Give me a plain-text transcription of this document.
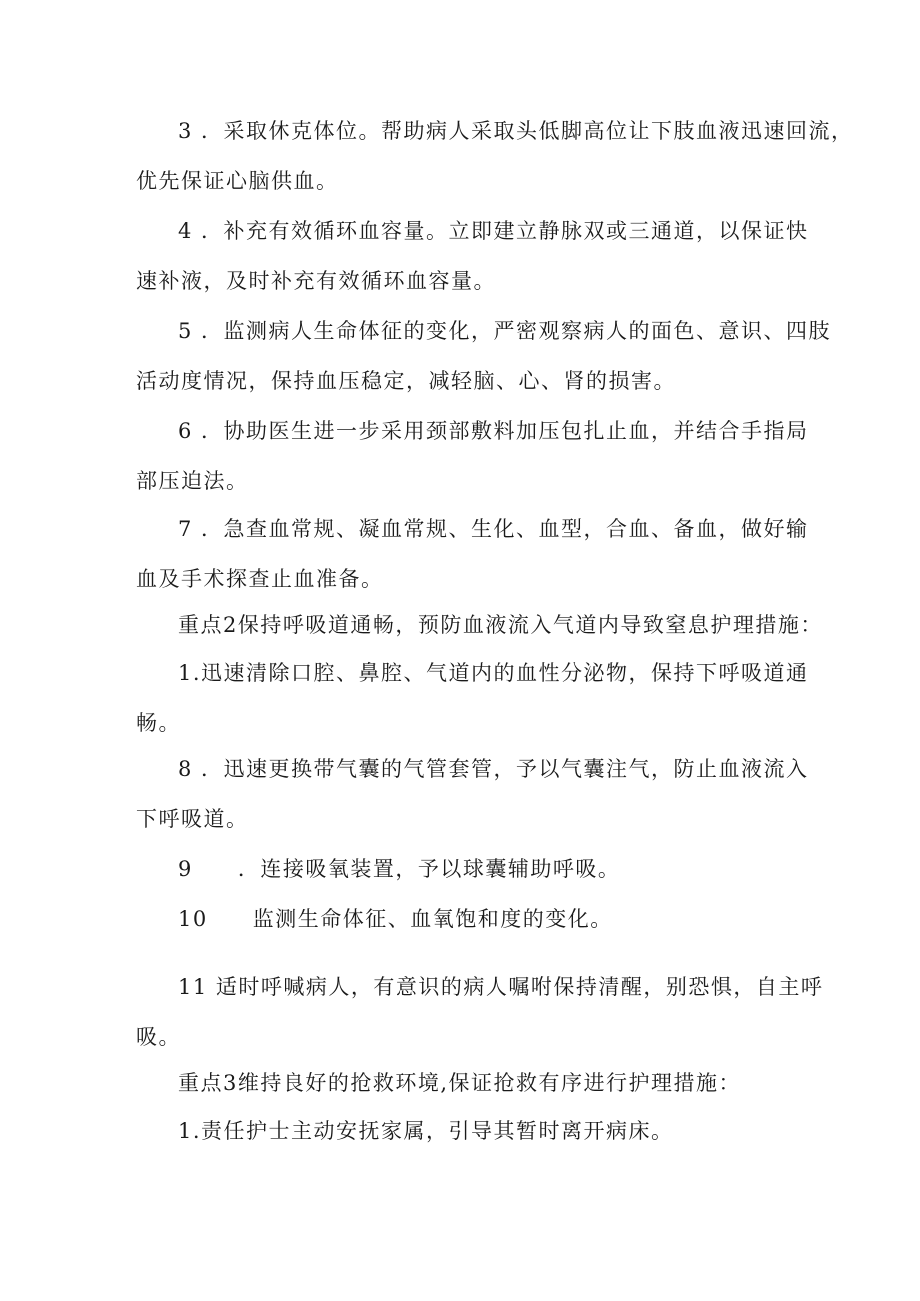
3 ．采取休克体位。帮助病人采取头低脚高位让下肢血液迅速回流，
优先保证心脑供血。
4 ．补充有效循环血容量。立即建立静脉双或三通道，以保证快
速补液，及时补充有效循环血容量。
5 ．监测病人生命体征的变化，严密观察病人的面色、意识、四肢
活动度情况，保持血压稳定，减轻脑、心、肾的损害。
6 ．协助医生进一步采用颈部敷料加压包扎止血，并结合手指局
部压迫法。
7 ．急查血常规、凝血常规、生化、血型，合血、备血，做好输
血及手术探查止血准备。
重点2保持呼吸道通畅，预防血液流入气道内导致窒息护理措施：
1.迅速清除口腔、鼻腔、气道内的血性分泌物，保持下呼吸道通
畅。
8 ．迅速更换带气囊的气管套管，予以气囊注气，防止血液流入
下呼吸道。
9　　．连接吸氧装置，予以球囊辅助呼吸。
10　　监测生命体征、血氧饱和度的变化。
11 适时呼喊病人，有意识的病人嘱咐保持清醒，别恐惧，自主呼
吸。
重点3维持良好的抢救环境,保证抢救有序进行护理措施：
1.责任护士主动安抚家属，引导其暂时离开病床。
